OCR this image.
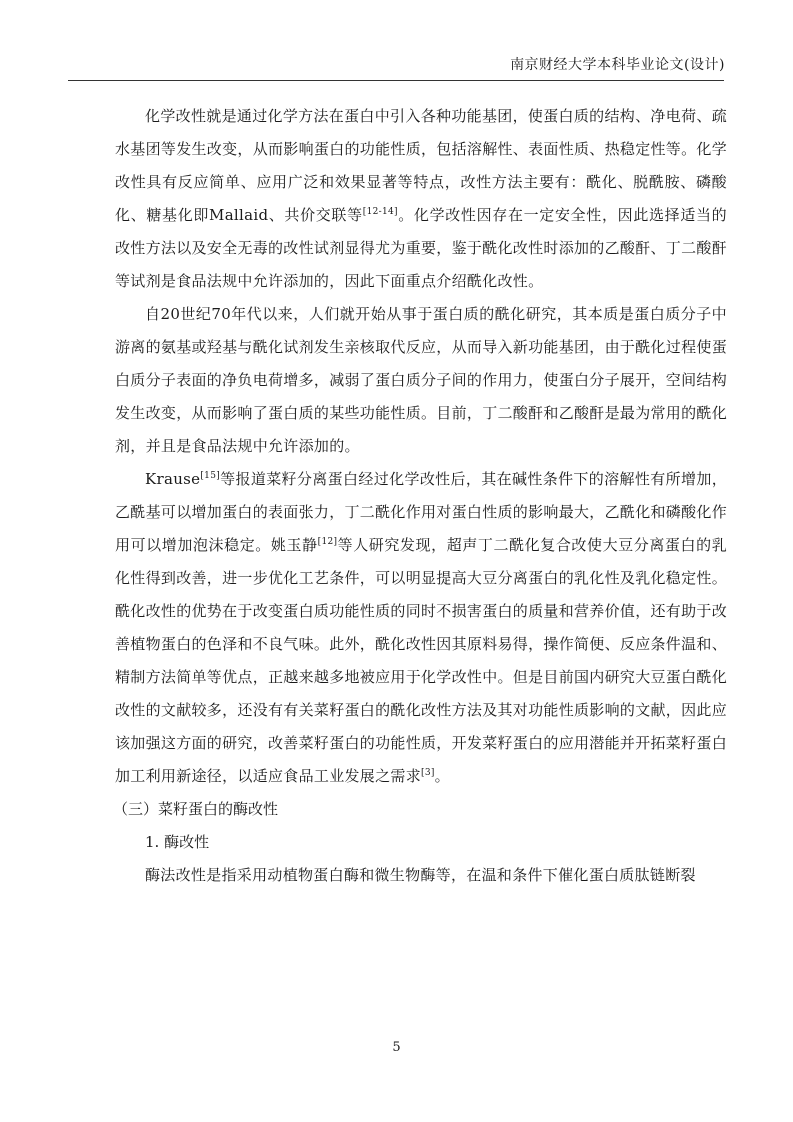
南京财经大学本科毕业论文(设计)

化学改性就是通过化学方法在蛋白中引入各种功能基团，使蛋白质的结构、净电荷、疏水基团等发生改变，从而影响蛋白的功能性质，包括溶解性、表面性质、热稳定性等。化学改性具有反应简单、应用广泛和效果显著等特点，改性方法主要有：酰化、脱酰胺、磷酸化、糖基化即Mallaid、共价交联等[12-14]。化学改性因存在一定安全性，因此选择适当的改性方法以及安全无毒的改性试剂显得尤为重要，鉴于酰化改性时添加的乙酸酐、丁二酸酐等试剂是食品法规中允许添加的，因此下面重点介绍酰化改性。

自20世纪70年代以来，人们就开始从事于蛋白质的酰化研究，其本质是蛋白质分子中游离的氨基或羟基与酰化试剂发生亲核取代反应，从而导入新功能基团，由于酰化过程使蛋白质分子表面的净负电荷增多，减弱了蛋白质分子间的作用力，使蛋白分子展开，空间结构发生改变，从而影响了蛋白质的某些功能性质。目前，丁二酸酐和乙酸酐是最为常用的酰化剂，并且是食品法规中允许添加的。

Krause[15]等报道菜籽分离蛋白经过化学改性后，其在碱性条件下的溶解性有所增加，乙酰基可以增加蛋白的表面张力，丁二酰化作用对蛋白性质的影响最大，乙酰化和磷酸化作用可以增加泡沫稳定。姚玉静[12]等人研究发现，超声丁二酰化复合改使大豆分离蛋白的乳化性得到改善，进一步优化工艺条件，可以明显提高大豆分离蛋白的乳化性及乳化稳定性。酰化改性的优势在于改变蛋白质功能性质的同时不损害蛋白的质量和营养价值，还有助于改善植物蛋白的色泽和不良气味。此外，酰化改性因其原料易得，操作简便、反应条件温和、精制方法简单等优点，正越来越多地被应用于化学改性中。但是目前国内研究大豆蛋白酰化改性的文献较多，还没有有关菜籽蛋白的酰化改性方法及其对功能性质影响的文献，因此应该加强这方面的研究，改善菜籽蛋白的功能性质，开发菜籽蛋白的应用潜能并开拓菜籽蛋白加工利用新途径，以适应食品工业发展之需求[3]。

（三）菜籽蛋白的酶改性

1. 酶改性

酶法改性是指采用动植物蛋白酶和微生物酶等，在温和条件下催化蛋白质肽链断裂

5
